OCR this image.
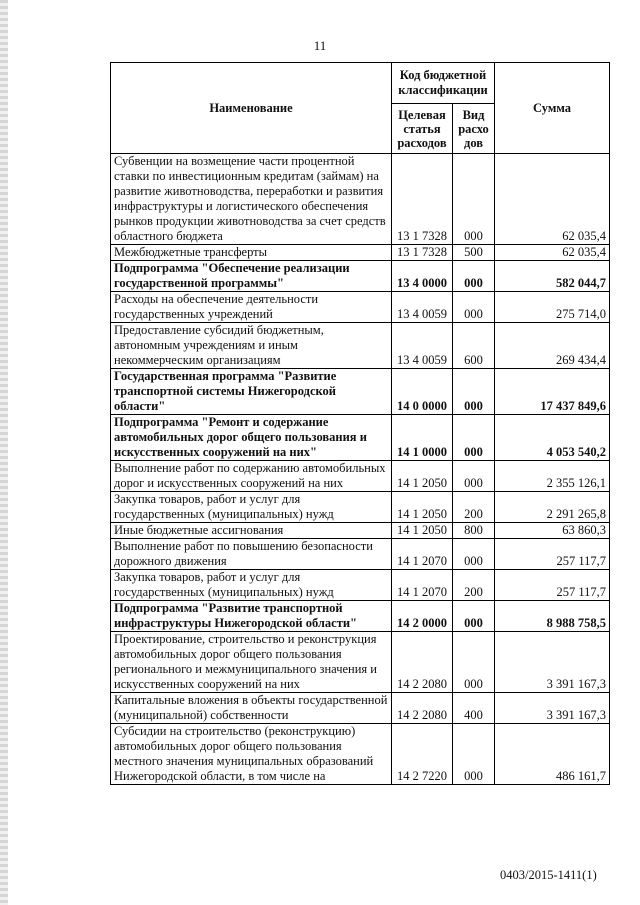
11
Наименование	Код бюджетной классификации		Сумма
	Целевая статья расходов	Вид расхо дов	
Субвенции на возмещение части процентной ставки по инвестиционным кредитам (займам) на развитие животноводства, переработки и развития инфраструктуры и логистического обеспечения рынков продукции животноводства за счет средств областного бюджета	13 1 7328	000	62 035,4
Межбюджетные трансферты	13 1 7328	500	62 035,4
Подпрограмма "Обеспечение реализации государственной программы"	13 4 0000	000	582 044,7
Расходы на обеспечение деятельности государственных учреждений	13 4 0059	000	275 714,0
Предоставление субсидий бюджетным, автономным учреждениям и иным некоммерческим организациям	13 4 0059	600	269 434,4
Государственная программа "Развитие транспортной системы Нижегородской области"	14 0 0000	000	17 437 849,6
Подпрограмма "Ремонт и содержание автомобильных дорог общего пользования и искусственных сооружений на них"	14 1 0000	000	4 053 540,2
Выполнение работ по содержанию автомобильных дорог и искусственных сооружений на них	14 1 2050	000	2 355 126,1
Закупка товаров, работ и услуг для государственных (муниципальных) нужд	14 1 2050	200	2 291 265,8
Иные бюджетные ассигнования	14 1 2050	800	63 860,3
Выполнение работ по повышению безопасности дорожного движения	14 1 2070	000	257 117,7
Закупка товаров, работ и услуг для государственных (муниципальных) нужд	14 1 2070	200	257 117,7
Подпрограмма "Развитие транспортной инфраструктуры Нижегородской области"	14 2 0000	000	8 988 758,5
Проектирование, строительство и реконструкция автомобильных дорог общего пользования регионального и межмуниципального значения и искусственных сооружений на них	14 2 2080	000	3 391 167,3
Капитальные вложения в объекты государственной (муниципальной) собственности	14 2 2080	400	3 391 167,3
Субсидии на строительство (реконструкцию) автомобильных дорог общего пользования местного значения муниципальных образований Нижегородской области, в том числе на	14 2 7220	000	486 161,7
0403/2015-1411(1)
